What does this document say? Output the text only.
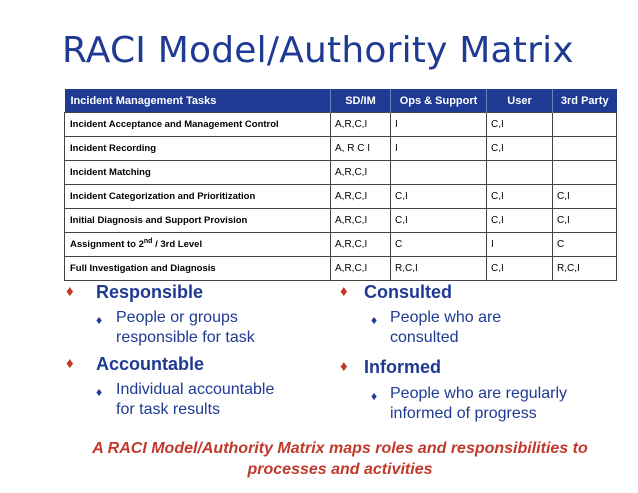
RACI Model/Authority Matrix
Incident Management Tasks	SD/IM	Ops & Support	User	3rd Party
Incident Acceptance and Management Control	A,R,C,I	I	C,I	
Incident Recording	A, R C I	I	C,I	
Incident Matching	A,R,C,I			
Incident Categorization and Prioritization	A,R,C,I	C,I	C,I	C,I
Initial Diagnosis and Support Provision	A,R,C,I	C,I	C,I	C,I
Assignment to 2nd / 3rd Level	A,R,C,I	C	I	C
Full Investigation and Diagnosis	A,R,C,I	R,C,I	C,I	R,C,I
♦ Responsible
♦ People or groups
responsible for task
♦ Accountable
♦ Individual accountable
for task results
♦ Consulted
♦ People who are
consulted
♦ Informed
♦ People who are regularly
informed of progress
A RACI Model/Authority Matrix maps roles and responsibilities to
processes and activities
